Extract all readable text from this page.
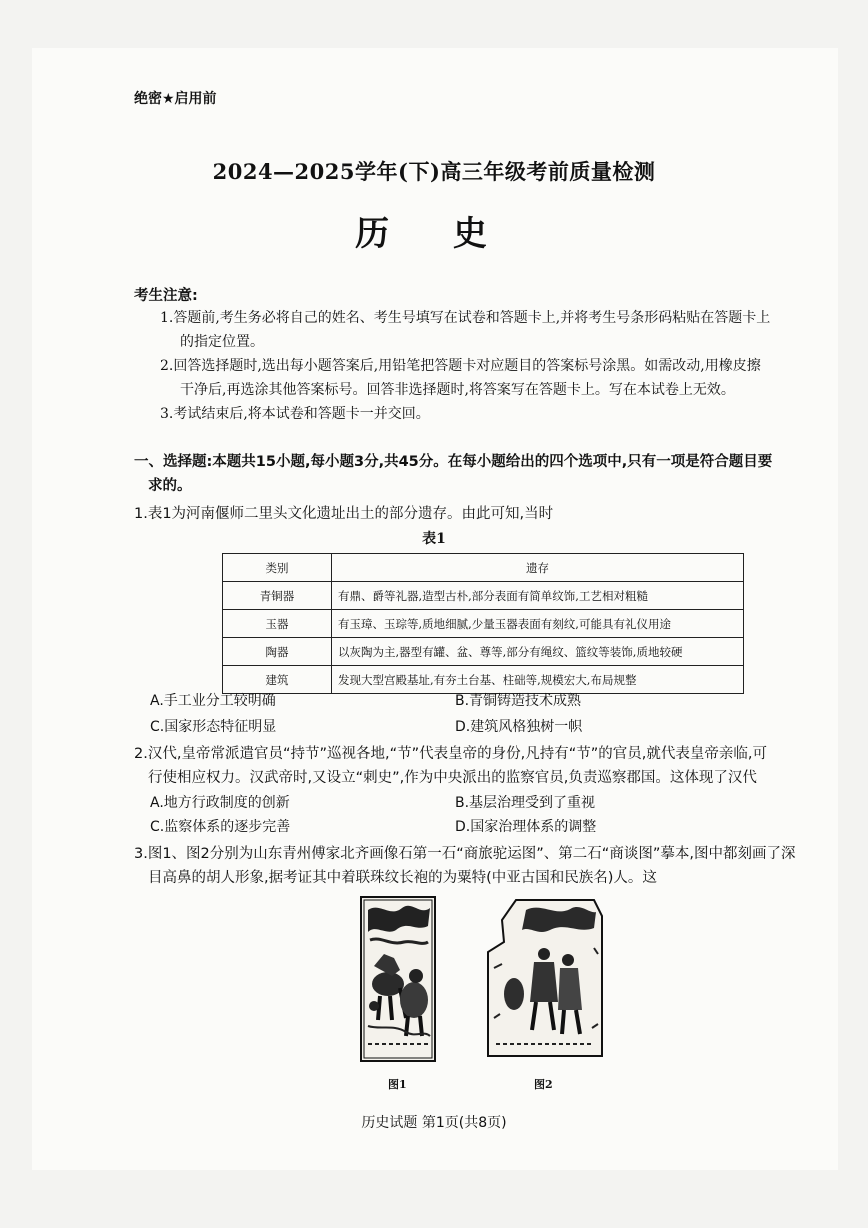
绝密★启用前
2024—2025学年(下)高三年级考前质量检测
历 史
考生注意:
1.答题前,考生务必将自己的姓名、考生号填写在试卷和答题卡上,并将考生号条形码粘贴在答题卡上
的指定位置。
2.回答选择题时,选出每小题答案后,用铅笔把答题卡对应题目的答案标号涂黑。如需改动,用橡皮擦
干净后,再选涂其他答案标号。回答非选择题时,将答案写在答题卡上。写在本试卷上无效。
3.考试结束后,将本试卷和答题卡一并交回。
一、选择题:本题共15小题,每小题3分,共45分。在每小题给出的四个选项中,只有一项是符合题目要
求的。
1.表1为河南偃师二里头文化遗址出土的部分遗存。由此可知,当时
表1
类别	遗存
青铜器	有鼎、爵等礼器,造型古朴,部分表面有简单纹饰,工艺相对粗糙
玉器	有玉璋、玉琮等,质地细腻,少量玉器表面有刻纹,可能具有礼仪用途
陶器	以灰陶为主,器型有罐、盆、尊等,部分有绳纹、篮纹等装饰,质地较硬
建筑	发现大型宫殿基址,有夯土台基、柱础等,规模宏大,布局规整
A.手工业分工较明确	B.青铜铸造技术成熟
C.国家形态特征明显	D.建筑风格独树一帜
2.汉代,皇帝常派遣官员“持节”巡视各地,“节”代表皇帝的身份,凡持有“节”的官员,就代表皇帝亲临,可
行使相应权力。汉武帝时,又设立“刺史”,作为中央派出的监察官员,负责巡察郡国。这体现了汉代
A.地方行政制度的创新	B.基层治理受到了重视
C.监察体系的逐步完善	D.国家治理体系的调整
3.图1、图2分别为山东青州傅家北齐画像石第一石“商旅驼运图”、第二石“商谈图”摹本,图中都刻画了深
目高鼻的胡人形象,据考证其中着联珠纹长袍的为粟特(中亚古国和民族名)人。这
图1	图2
历史试题 第1页(共8页)
